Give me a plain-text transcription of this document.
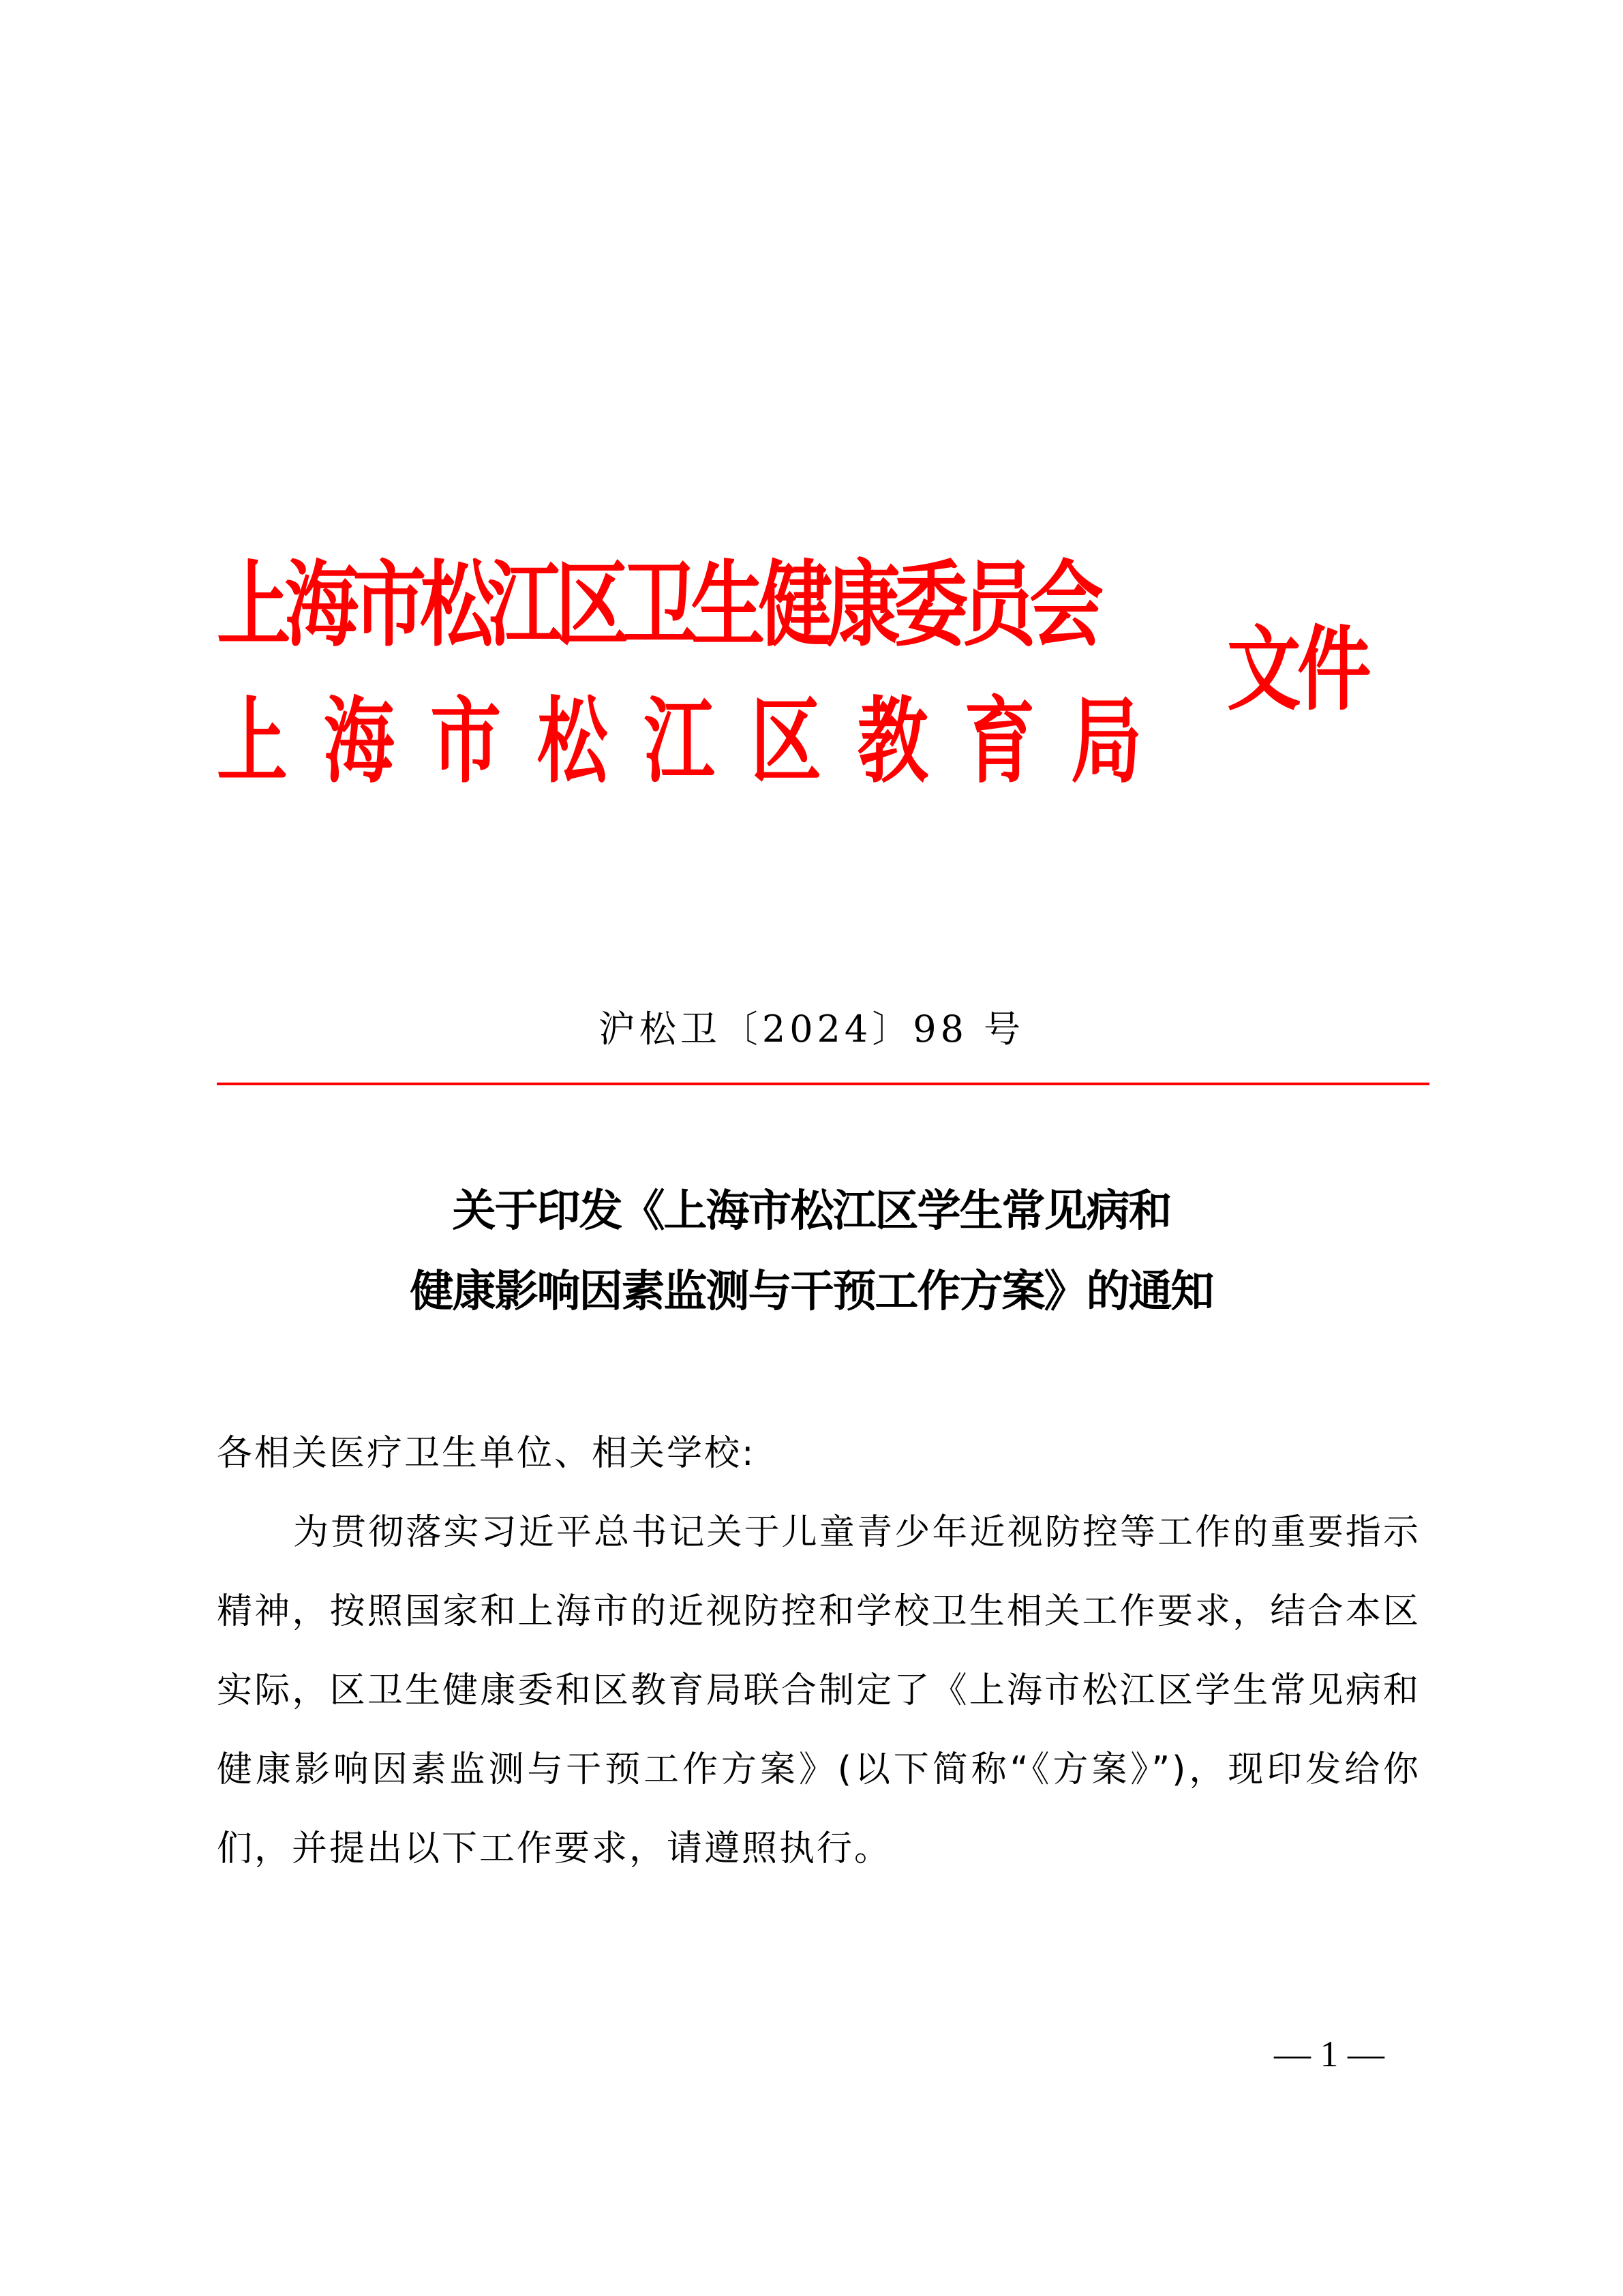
上海市松江区卫生健康委员会
上海市松江区教育局
文件
沪松卫〔2024〕98 号
关于印发《上海市松江区学生常见病和
健康影响因素监测与干预工作方案》的通知
各相关医疗卫生单位、相关学校:
为贯彻落实习近平总书记关于儿童青少年近视防控等工作的重要指示精神，按照国家和上海市的近视防控和学校卫生相关工作要求，结合本区实际，区卫生健康委和区教育局联合制定了《上海市松江区学生常见病和健康影响因素监测与干预工作方案》(以下简称“《方案》”)，现印发给你们，并提出以下工作要求，请遵照执行。
— 1 —
